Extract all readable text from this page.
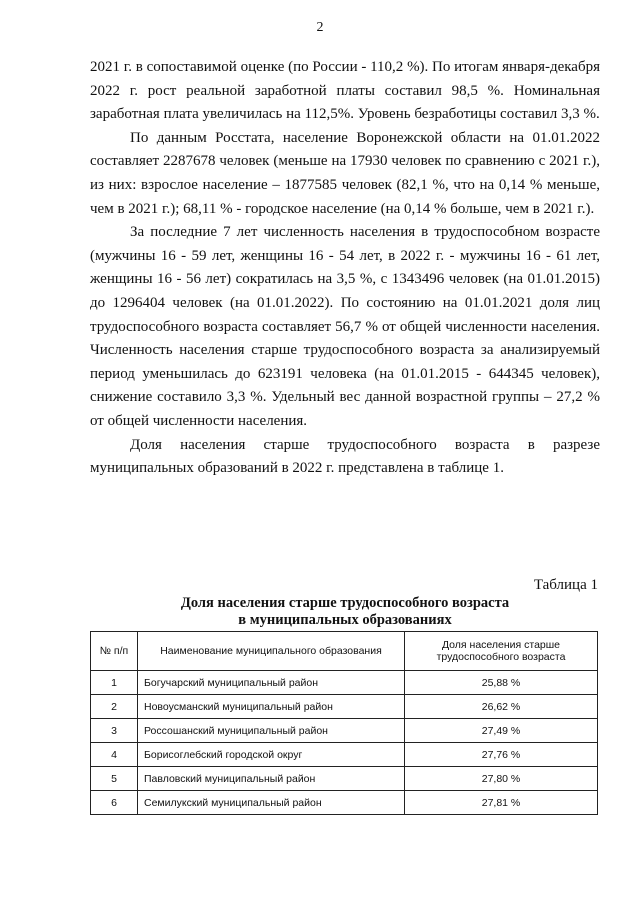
2

2021 г. в сопоставимой оценке (по России - 110,2 %). По итогам января-декабря 2022 г. рост реальной заработной платы составил 98,5 %. Номинальная заработная плата увеличилась на 112,5%. Уровень безработицы составил 3,3 %.

По данным Росстата, население Воронежской области на 01.01.2022 составляет 2287678 человек (меньше на 17930 человек по сравнению с 2021 г.), из них: взрослое население – 1877585 человек (82,1 %, что на 0,14 % меньше, чем в 2021 г.); 68,11 % - городское население (на 0,14 % больше, чем в 2021 г.).

За последние 7 лет численность населения в трудоспособном возрасте (мужчины 16 - 59 лет, женщины 16 - 54 лет, в 2022 г. - мужчины 16 - 61 лет, женщины 16 - 56 лет) сократилась на 3,5 %, с 1343496 человек (на 01.01.2015) до 1296404 человек (на 01.01.2022). По состоянию на 01.01.2021 доля лиц трудоспособного возраста составляет 56,7 % от общей численности населения. Численность населения старше трудоспособного возраста за анализируемый период уменьшилась до 623191 человека (на 01.01.2015 - 644345 человек), снижение составило 3,3 %. Удельный вес данной возрастной группы – 27,2 % от общей численности населения.

Доля населения старше трудоспособного возраста в разрезе муниципальных образований в 2022 г. представлена в таблице 1.

Таблица 1
Доля населения старше трудоспособного возраста
в муниципальных образованиях
№ п/п	Наименование муниципального образования	Доля населения старше трудоспособного возраста
1	Богучарский муниципальный район	25,88 %
2	Новоусманский муниципальный район	26,62 %
3	Россошанский муниципальный район	27,49 %
4	Борисоглебский городской округ	27,76 %
5	Павловский муниципальный район	27,80 %
6	Семилукский муниципальный район	27,81 %
